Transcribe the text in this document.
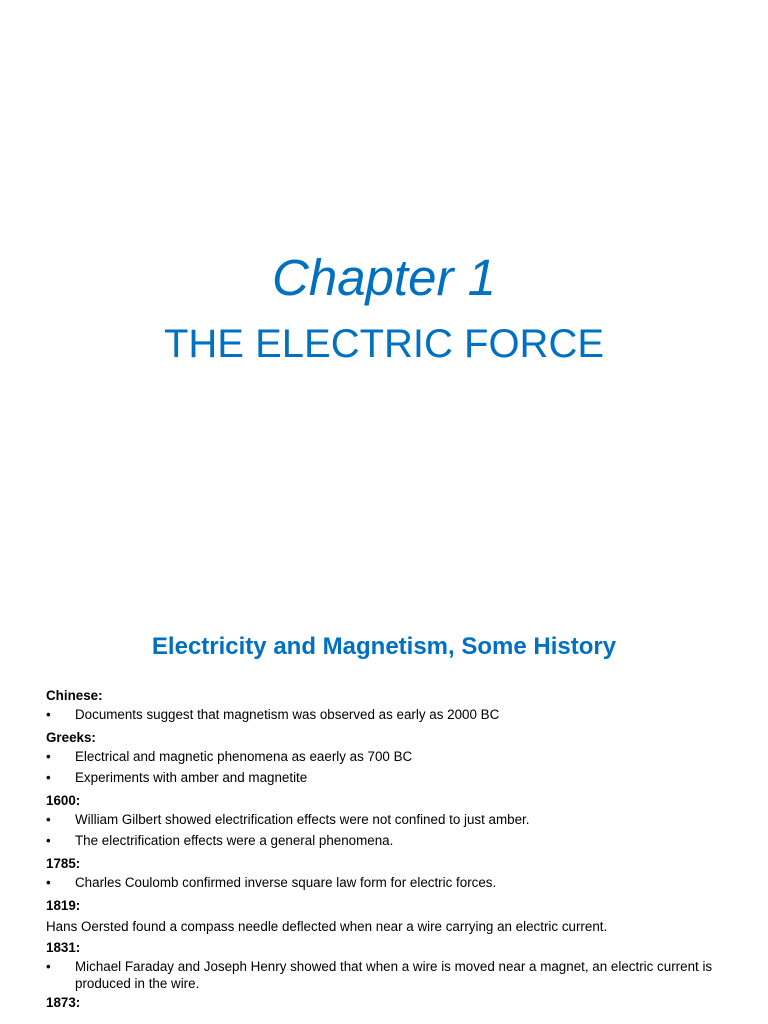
Chapter 1
THE ELECTRIC FORCE
Electricity and Magnetism, Some History
Chinese:
•	Documents suggest that magnetism was observed as early as 2000 BC
Greeks:
•	Electrical and magnetic phenomena as eaerly as 700 BC
•	Experiments with amber and magnetite
1600:
•	William Gilbert showed electrification effects were not confined to just amber.
•	The electrification effects were a general phenomena.
1785:
•	Charles Coulomb confirmed inverse square law form for electric forces.
1819:
Hans Oersted found a compass needle deflected when near a wire carrying an electric current.
1831:
•	Michael Faraday and Joseph Henry showed that when a wire is moved near a magnet, an electric current is produced in the wire.
1873:
